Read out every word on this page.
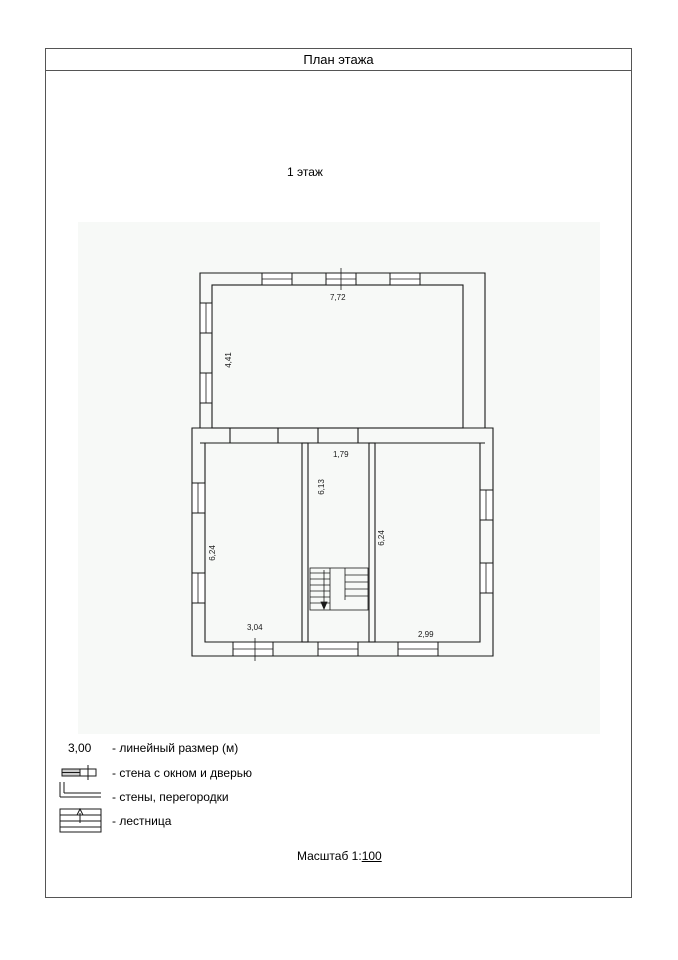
План этажа
1 этаж
7,72
4,41
1,79
6,13
6,24
3,04
6,24
2,99
3,00 - линейный размер (м)
- стена с окном и дверью
- стены, перегородки
- лестница
Масштаб 1:100
